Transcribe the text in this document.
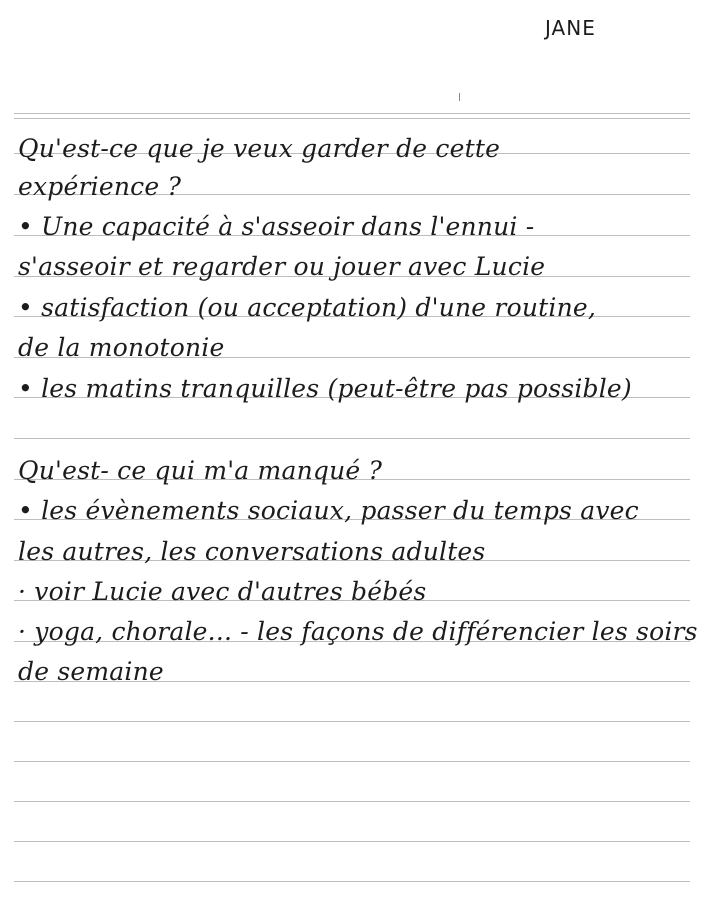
JANE
Qu'est-ce que je veux garder de cette
expérience ?
• Une capacité à s'asseoir dans l'ennui -
s'asseoir et regarder ou jouer avec Lucie
• satisfaction (ou acceptation) d'une routine,
de la monotonie
• les matins tranquilles (peut-être pas possible)
Qu'est- ce qui m'a manqué ?
• les évènements sociaux, passer du temps avec
les autres, les conversations adultes
· voir Lucie avec d'autres bébés
· yoga, chorale... - les façons de différencier les soirs
de semaine
